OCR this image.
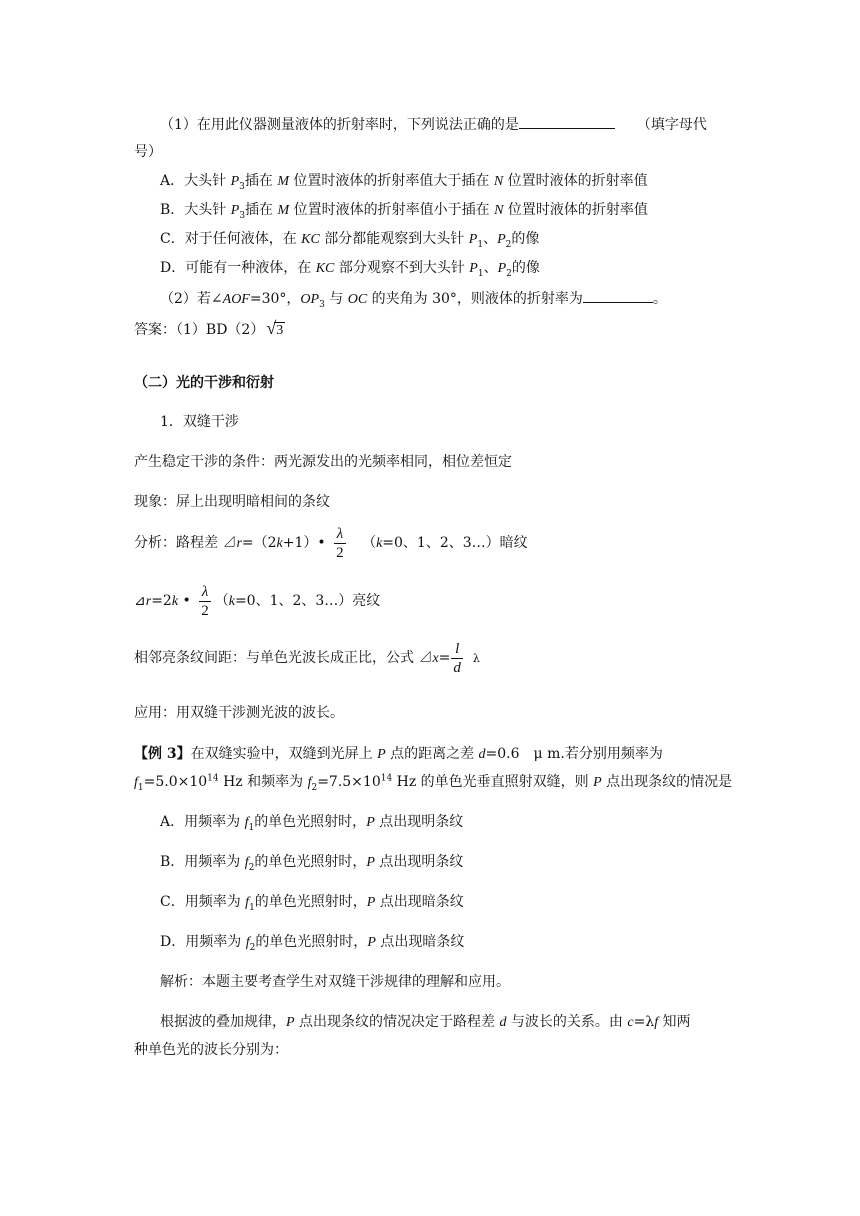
（1）在用此仪器测量液体的折射率时，下列说法正确的是	（填字母代
号）
A．大头针 $P_3$插在 M 位置时液体的折射率值大于插在 N 位置时液体的折射率值
B．大头针 $P_3$插在 M 位置时液体的折射率值小于插在 N 位置时液体的折射率值
C．对于任何液体，在 KC 部分都能观察到大头针 $P_1$、$P_2$的像
D．可能有一种液体，在 KC 部分观察不到大头针 $P_1$、$P_2$的像
（2）若∠AOF=30°，$OP_3$ 与 OC 的夹角为 30°，则液体的折射率为	。
答案：（1）BD（2） √3
（二）光的干涉和衍射
1．双缝干涉
产生稳定干涉的条件：两光源发出的光频率相同，相位差恒定
现象：屏上出现明暗相间的条纹
分析：路程差 ⊿r=（2k+1）• $\frac{\lambda}{2} (k=0$、1、2、3…）暗纹
⊿r=2k • $\frac{\lambda}{2} (k=0$、1、2、3…）亮纹
相邻亮条纹间距：与单色光波长成正比，公式 ⊿x= $\frac{l}{d}$ λ
应用：用双缝干涉测光波的波长。
【例 3】在双缝实验中，双缝到光屏上 P 点的距离之差 d=0.6　μ m.若分别用频率为
$f_1=5.0\times 10^{14}$ Hz 和频率为 $f_2=7.5\times 10^{14}$ Hz 的单色光垂直照射双缝，则 P 点出现条纹的情况是
A．用频率为 $f_1$的单色光照射时，P 点出现明条纹
B．用频率为 $f_2$的单色光照射时，P 点出现明条纹
C．用频率为 $f_1$的单色光照射时，P 点出现暗条纹
D．用频率为 $f_2$的单色光照射时，P 点出现暗条纹
解析：本题主要考查学生对双缝干涉规律的理解和应用。
根据波的叠加规律，P 点出现条纹的情况决定于路程差 d 与波长的关系。由 c=λf 知两
种单色光的波长分别为：
